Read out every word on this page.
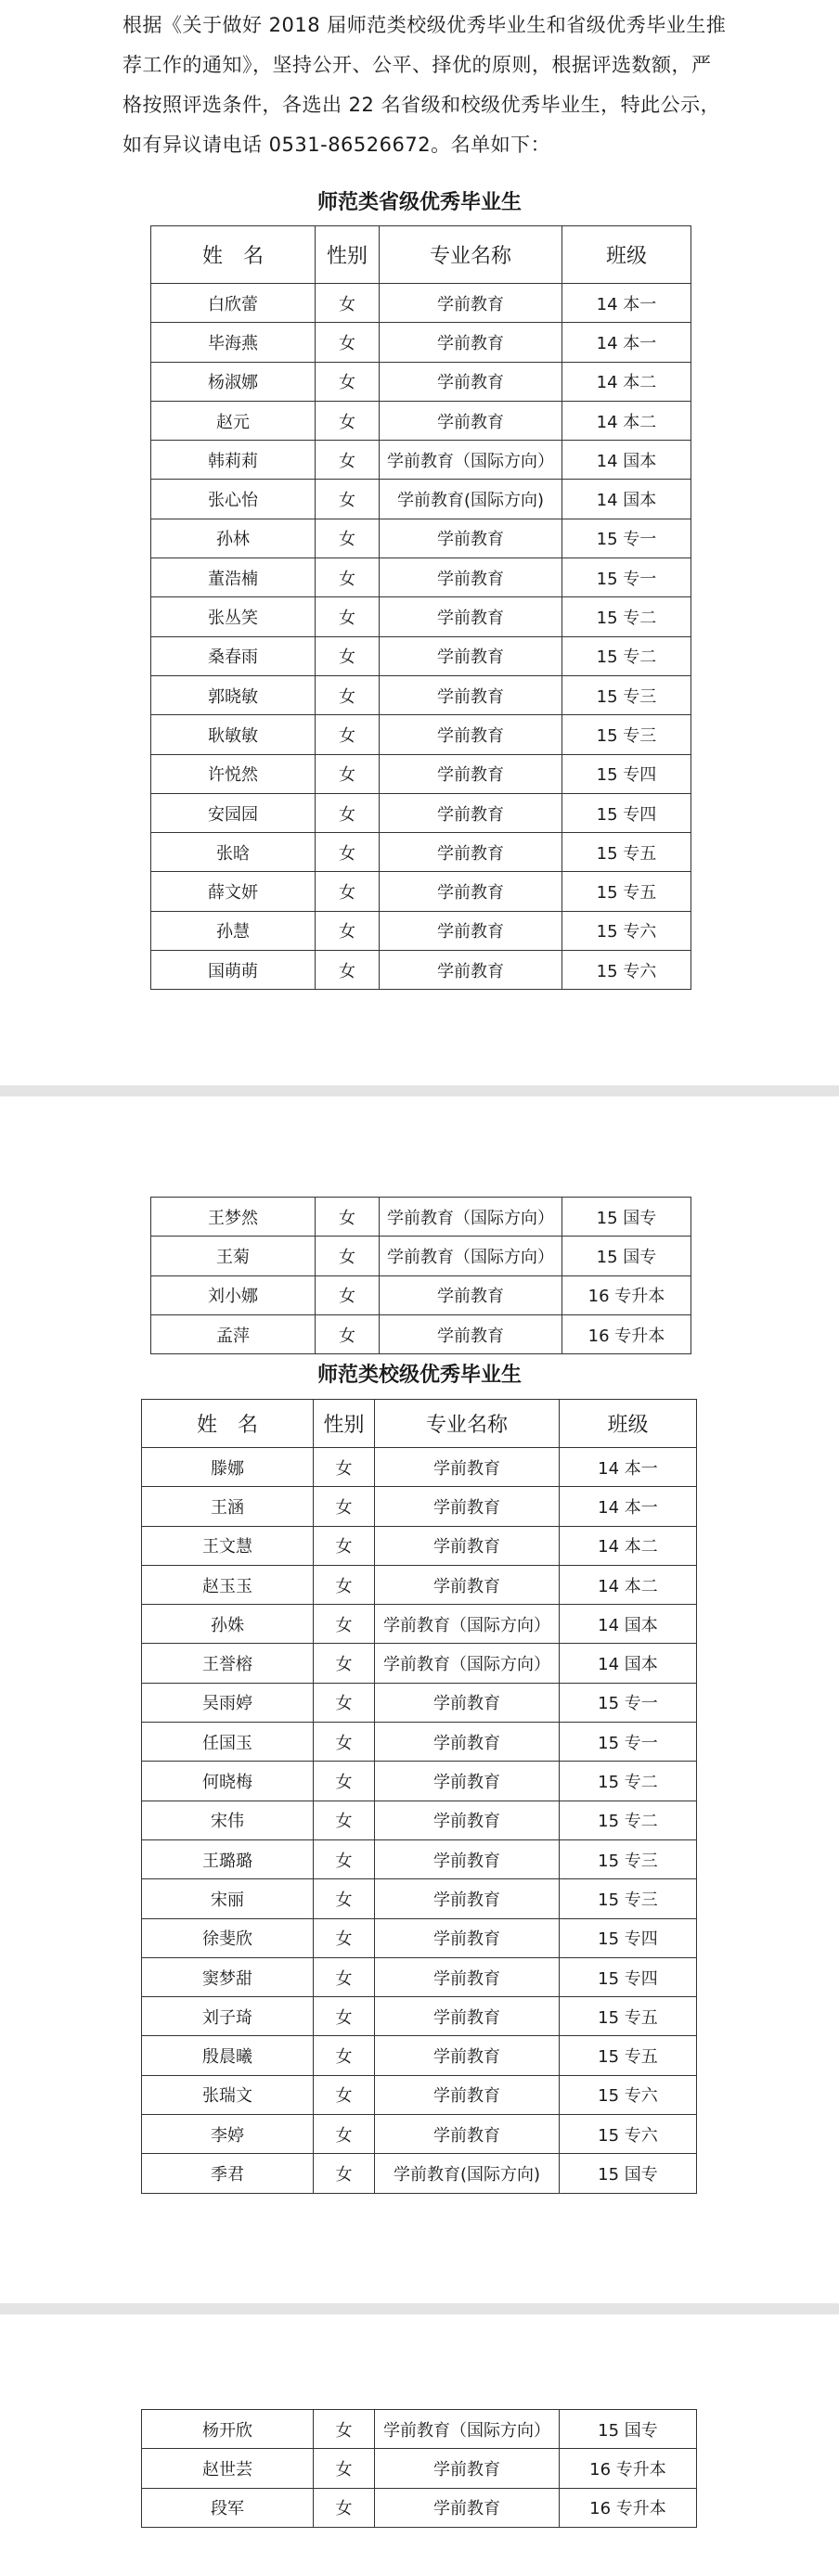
根据《关于做好 2018 届师范类校级优秀毕业生和省级优秀毕业生推

荐工作的通知》，坚持公开、公平、择优的原则，根据评选数额，严

格按照评选条件，各选出 22 名省级和校级优秀毕业生，特此公示，

如有异议请电话 0531-86526672。名单如下：

师范类省级优秀毕业生
姓　名	性别	专业名称	班级
白欣蕾	女	学前教育	14 本一
毕海燕	女	学前教育	14 本一
杨淑娜	女	学前教育	14 本二
赵元	女	学前教育	14 本二
韩莉莉	女	学前教育（国际方向）	14 国本
张心怡	女	学前教育(国际方向)	14 国本
孙林	女	学前教育	15 专一
董浩楠	女	学前教育	15 专一
张丛笑	女	学前教育	15 专二
桑春雨	女	学前教育	15 专二
郭晓敏	女	学前教育	15 专三
耿敏敏	女	学前教育	15 专三
许悦然	女	学前教育	15 专四
安园园	女	学前教育	15 专四
张晗	女	学前教育	15 专五
薛文妍	女	学前教育	15 专五
孙慧	女	学前教育	15 专六
国萌萌	女	学前教育	15 专六
王梦然	女	学前教育（国际方向）	15 国专
王菊	女	学前教育（国际方向）	15 国专
刘小娜	女	学前教育	16 专升本
孟萍	女	学前教育	16 专升本
师范类校级优秀毕业生
姓　名	性别	专业名称	班级
滕娜	女	学前教育	14 本一
王涵	女	学前教育	14 本一
王文慧	女	学前教育	14 本二
赵玉玉	女	学前教育	14 本二
孙姝	女	学前教育（国际方向）	14 国本
王誉榕	女	学前教育（国际方向）	14 国本
吴雨婷	女	学前教育	15 专一
任国玉	女	学前教育	15 专一
何晓梅	女	学前教育	15 专二
宋伟	女	学前教育	15 专二
王璐璐	女	学前教育	15 专三
宋丽	女	学前教育	15 专三
徐斐欣	女	学前教育	15 专四
窦梦甜	女	学前教育	15 专四
刘子琦	女	学前教育	15 专五
殷晨曦	女	学前教育	15 专五
张瑞文	女	学前教育	15 专六
李婷	女	学前教育	15 专六
季君	女	学前教育(国际方向)	15 国专
杨开欣	女	学前教育（国际方向）	15 国专
赵世芸	女	学前教育	16 专升本
段军	女	学前教育	16 专升本
